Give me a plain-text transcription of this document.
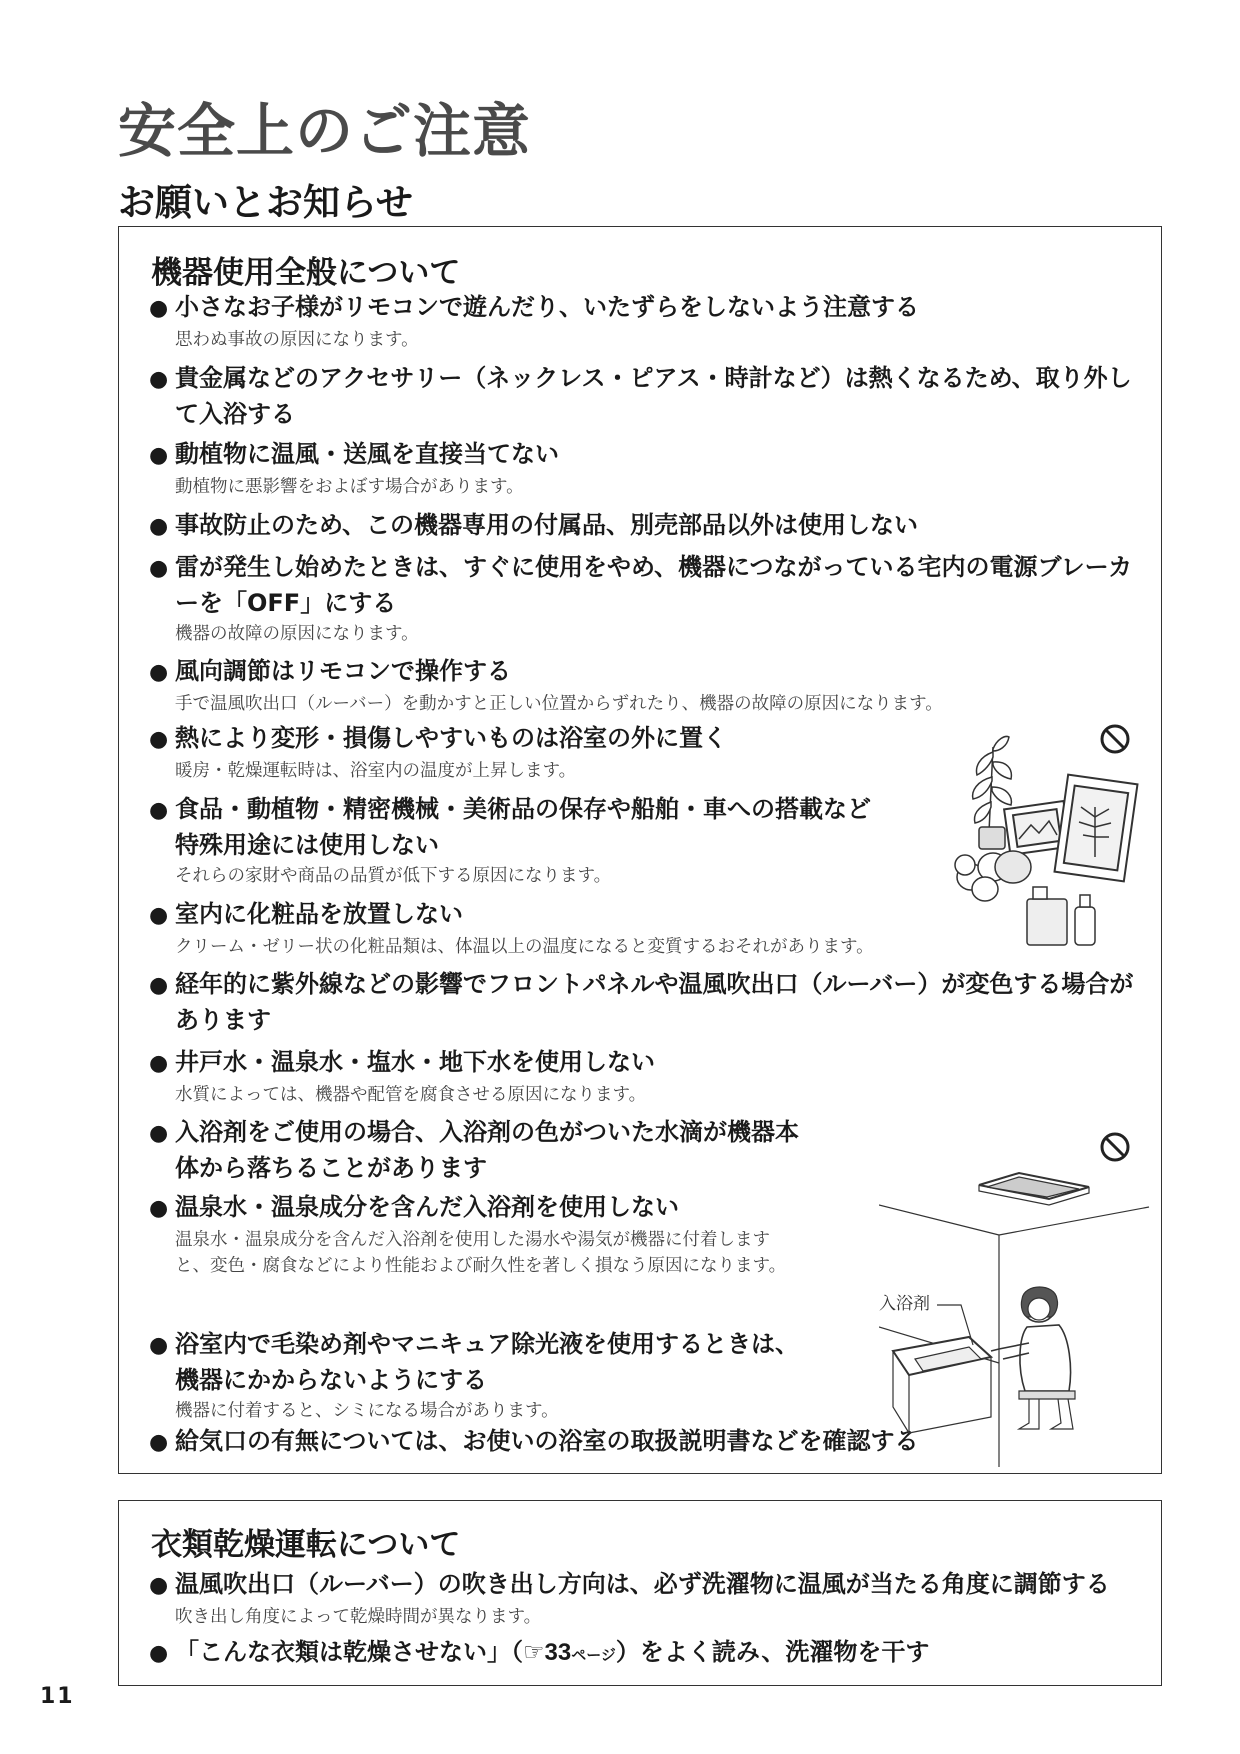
安全上のご注意
お願いとお知らせ
機器使用全般について
● 小さなお子様がリモコンで遊んだり、いたずらをしないよう注意する
思わぬ事故の原因になります。
● 貴金属などのアクセサリー（ネックレス・ピアス・時計など）は熱くなるため、取り外して入浴する
● 動植物に温風・送風を直接当てない
動植物に悪影響をおよぼす場合があります。
● 事故防止のため、この機器専用の付属品、別売部品以外は使用しない
● 雷が発生し始めたときは、すぐに使用をやめ、機器につながっている宅内の電源ブレーカーを「OFF」にする
機器の故障の原因になります。
● 風向調節はリモコンで操作する
手で温風吹出口（ルーバー）を動かすと正しい位置からずれたり、機器の故障の原因になります。
● 熱により変形・損傷しやすいものは浴室の外に置く
暖房・乾燥運転時は、浴室内の温度が上昇します。
● 食品・動植物・精密機械・美術品の保存や船舶・車への搭載など特殊用途には使用しない
それらの家財や商品の品質が低下する原因になります。
● 室内に化粧品を放置しない
クリーム・ゼリー状の化粧品類は、体温以上の温度になると変質するおそれがあります。
● 経年的に紫外線などの影響でフロントパネルや温風吹出口（ルーバー）が変色する場合があります
● 井戸水・温泉水・塩水・地下水を使用しない
水質によっては、機器や配管を腐食させる原因になります。
● 入浴剤をご使用の場合、入浴剤の色がついた水滴が機器本体から落ちることがあります
● 温泉水・温泉成分を含んだ入浴剤を使用しない
温泉水・温泉成分を含んだ入浴剤を使用した湯水や湯気が機器に付着しますと、変色・腐食などにより性能および耐久性を著しく損なう原因になります。
● 浴室内で毛染め剤やマニキュア除光液を使用するときは、機器にかからないようにする
機器に付着すると、シミになる場合があります。
● 給気口の有無については、お使いの浴室の取扱説明書などを確認する
入浴剤
衣類乾燥運転について
● 温風吹出口（ルーバー）の吹き出し方向は、必ず洗濯物に温風が当たる角度に調節する
吹き出し角度によって乾燥時間が異なります。
● 「こんな衣類は乾燥させない」（☞33ページ）をよく読み、洗濯物を干す
11
